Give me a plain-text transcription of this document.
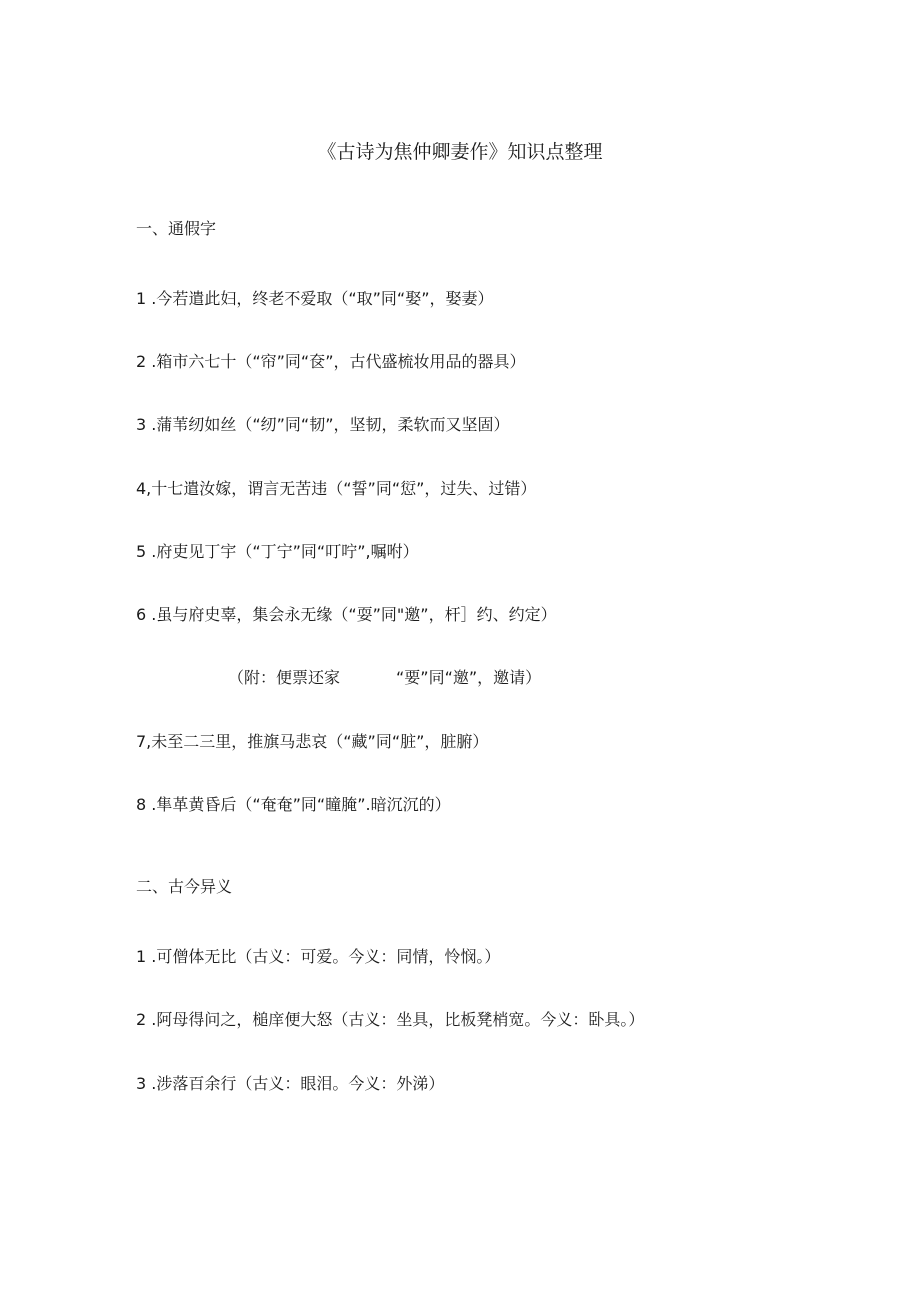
《古诗为焦仲卿妻作》知识点整理
一、通假字
1 .今若遣此妇，终老不爱取（“取”同“娶”，娶妻）
2 .箱市六七十（“帘”同“奁”，古代盛梳妆用品的器具）
3 .蒲苇纫如丝（“纫”同“韧”，坚韧，柔软而又坚固）
4,十七遣汝嫁，谓言无苦违（“誓”同“愆”，过失、过错）
5 .府吏见丁宇（“丁宁”同“叮咛”,嘱咐）
6 .虽与府史辜，集会永无缘（“耍”同"邀”，杆］约、约定）
（附：便票还家	“要”同“邀”，邀请）
7,未至二三里，推旗马悲哀（“藏”同“脏”，脏腑）
8 .隼革黄昏后（“奄奄”同“瞳腌”.暗沉沉的）
二、古今异义
1 .可僧体无比（古义：可爱。今义：同情，怜悯。）
2 .阿母得问之，槌庠便大怒（古义：坐具，比板凳梢宽。今义：卧具。）
3 .涉落百余行（古义：眼泪。今义：外涕）
